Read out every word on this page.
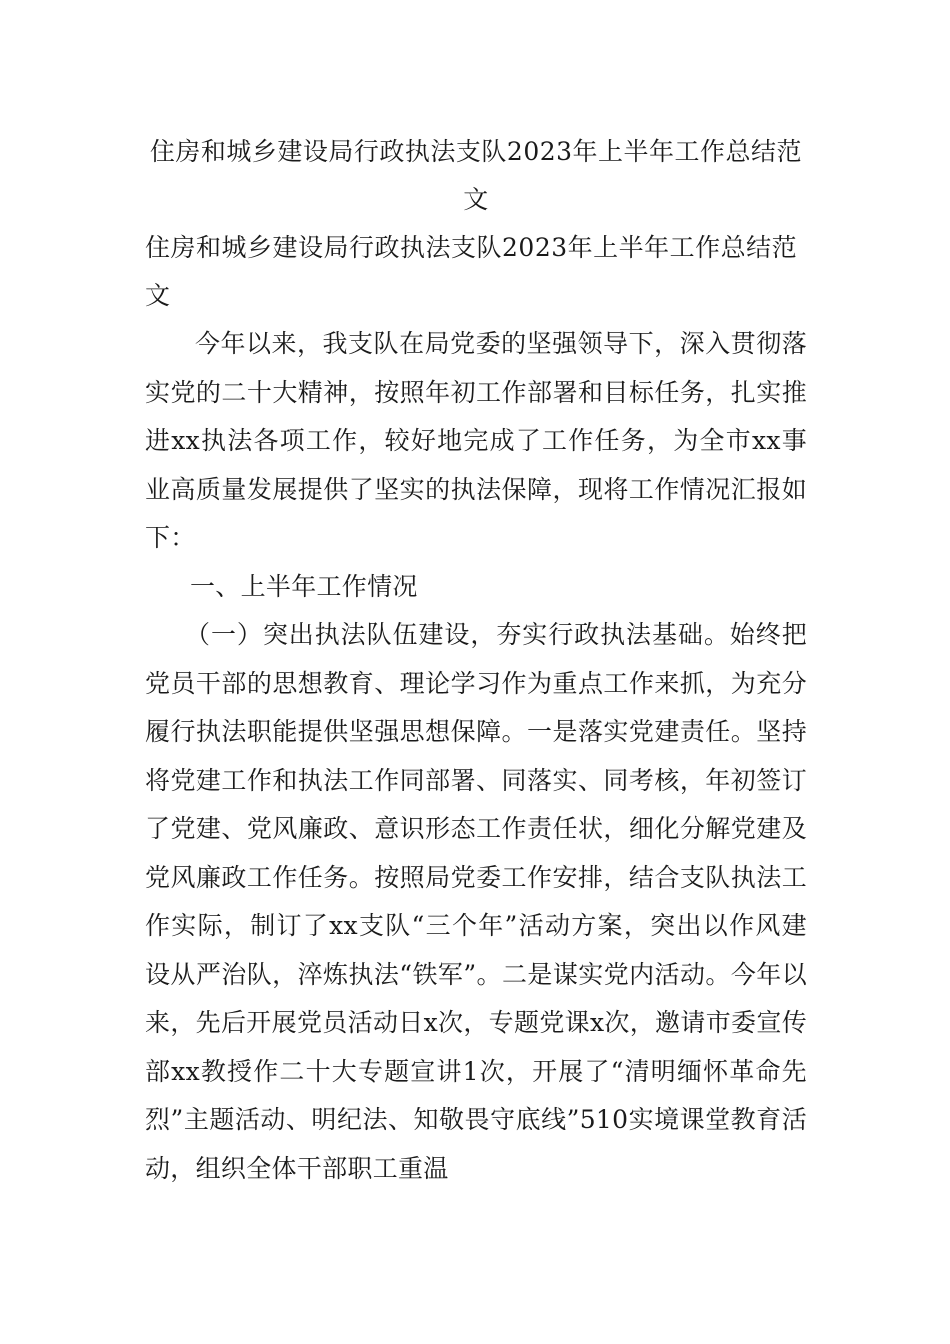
住房和城乡建设局行政执法支队2023年上半年工作总结范文
住房和城乡建设局行政执法支队2023年上半年工作总结范文

今年以来，我支队在局党委的坚强领导下，深入贯彻落实党的二十大精神，按照年初工作部署和目标任务，扎实推进xx执法各项工作，较好地完成了工作任务，为全市xx事业高质量发展提供了坚实的执法保障，现将工作情况汇报如下：

一、上半年工作情况

（一）突出执法队伍建设，夯实行政执法基础。始终把党员干部的思想教育、理论学习作为重点工作来抓，为充分履行执法职能提供坚强思想保障。一是落实党建责任。坚持将党建工作和执法工作同部署、同落实、同考核，年初签订了党建、党风廉政、意识形态工作责任状，细化分解党建及党风廉政工作任务。按照局党委工作安排，结合支队执法工作实际，制订了xx支队“三个年”活动方案，突出以作风建设从严治队，淬炼执法“铁军”。二是谋实党内活动。今年以来，先后开展党员活动日x次，专题党课x次，邀请市委宣传部xx教授作二十大专题宣讲1次，开展了“清明缅怀革命先烈”主题活动、明纪法、知敬畏守底线”510实境课堂教育活动，组织全体干部职工重温
